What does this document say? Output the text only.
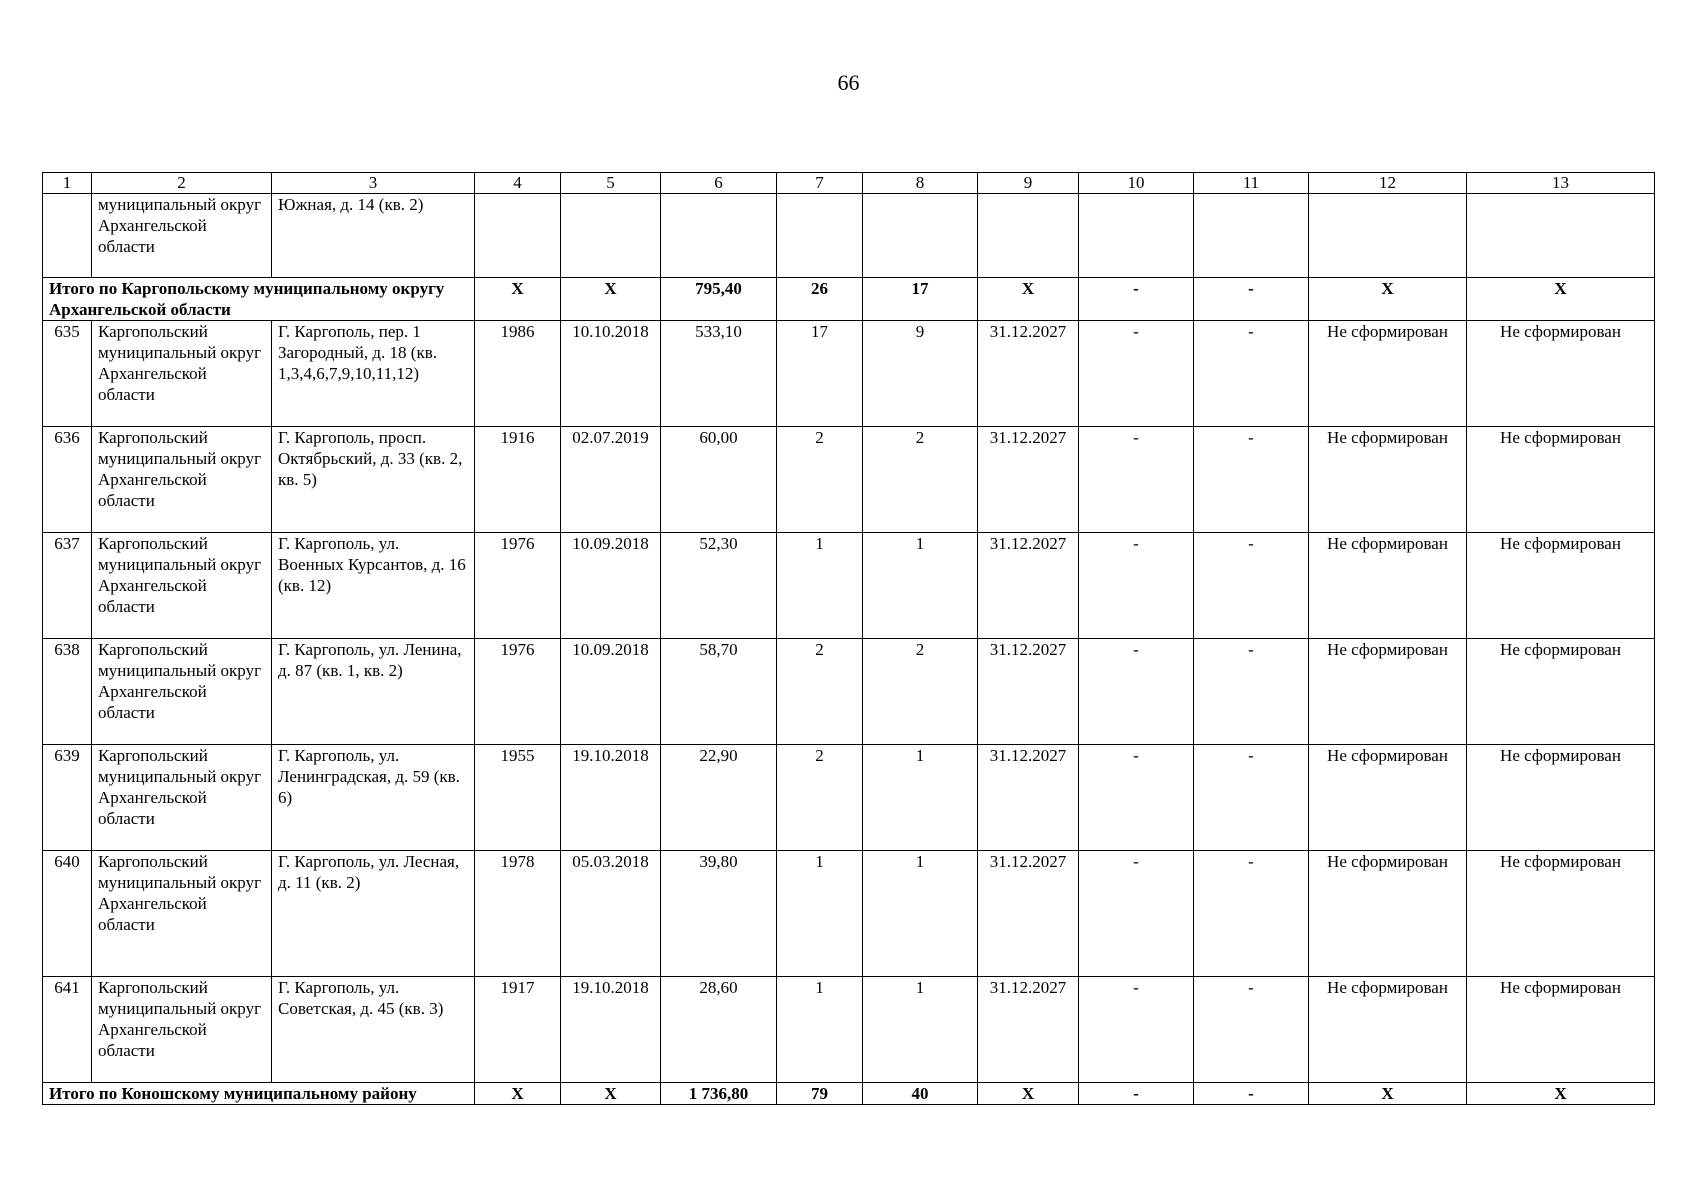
66
1	2	3	4	5	6	7	8	9	10	11	12	13
	муниципальный округ Архангельской области	Южная, д. 14 (кв. 2)										
Итого по Каргопольскому муниципальному округу Архангельской области			Х	Х	795,40	26	17	Х	-	-	Х	Х
635	Каргопольский муниципальный округ Архангельской области	Г. Каргополь, пер. 1 Загородный, д. 18 (кв. 1,3,4,6,7,9,10,11,12)	1986	10.10.2018	533,10	17	9	31.12.2027	-	-	Не сформирован	Не сформирован
636	Каргопольский муниципальный округ Архангельской области	Г. Каргополь, просп. Октябрьский, д. 33 (кв. 2, кв. 5)	1916	02.07.2019	60,00	2	2	31.12.2027	-	-	Не сформирован	Не сформирован
637	Каргопольский муниципальный округ Архангельской области	Г. Каргополь, ул. Военных Курсантов, д. 16 (кв. 12)	1976	10.09.2018	52,30	1	1	31.12.2027	-	-	Не сформирован	Не сформирован
638	Каргопольский муниципальный округ Архангельской области	Г. Каргополь, ул. Ленина, д. 87 (кв. 1, кв. 2)	1976	10.09.2018	58,70	2	2	31.12.2027	-	-	Не сформирован	Не сформирован
639	Каргопольский муниципальный округ Архангельской области	Г. Каргополь, ул. Ленинградская, д. 59 (кв. 6)	1955	19.10.2018	22,90	2	1	31.12.2027	-	-	Не сформирован	Не сформирован
640	Каргопольский муниципальный округ Архангельской области	Г. Каргополь, ул. Лесная, д. 11 (кв. 2)	1978	05.03.2018	39,80	1	1	31.12.2027	-	-	Не сформирован	Не сформирован
641	Каргопольский муниципальный округ Архангельской области	Г. Каргополь, ул. Советская, д. 45 (кв. 3)	1917	19.10.2018	28,60	1	1	31.12.2027	-	-	Не сформирован	Не сформирован
Итого по Коношскому муниципальному району			Х	Х	1 736,80	79	40	Х	-	-	Х	Х
